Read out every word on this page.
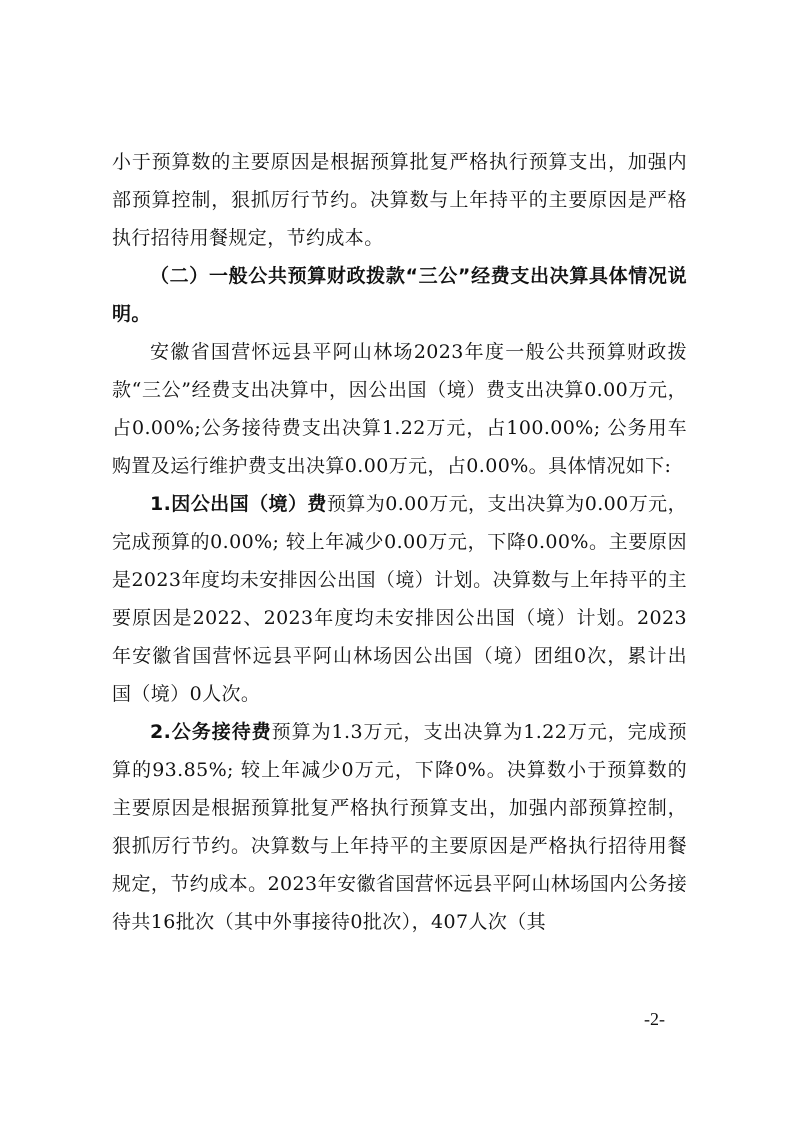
小于预算数的主要原因是根据预算批复严格执行预算支出，加强内部预算控制，狠抓厉行节约。决算数与上年持平的主要原因是严格执行招待用餐规定，节约成本。

（二）一般公共预算财政拨款“三公”经费支出决算具体情况说明。

安徽省国营怀远县平阿山林场2023年度一般公共预算财政拨款“三公”经费支出决算中，因公出国（境）费支出决算0.00万元，占0.00%;公务接待费支出决算1.22万元，占100.00%; 公务用车购置及运行维护费支出决算0.00万元，占0.00%。具体情况如下:

1.因公出国（境）费预算为0.00万元，支出决算为0.00万元，完成预算的0.00%; 较上年减少0.00万元，下降0.00%。主要原因是2023年度均未安排因公出国（境）计划。决算数与上年持平的主要原因是2022、2023年度均未安排因公出国（境）计划。2023年安徽省国营怀远县平阿山林场因公出国（境）团组0次，累计出国（境）0人次。

2.公务接待费预算为1.3万元，支出决算为1.22万元，完成预算的93.85%; 较上年减少0万元，下降0%。决算数小于预算数的主要原因是根据预算批复严格执行预算支出，加强内部预算控制，狠抓厉行节约。决算数与上年持平的主要原因是严格执行招待用餐规定，节约成本。2023年安徽省国营怀远县平阿山林场国内公务接待共16批次（其中外事接待0批次），407人次（其

-2-
